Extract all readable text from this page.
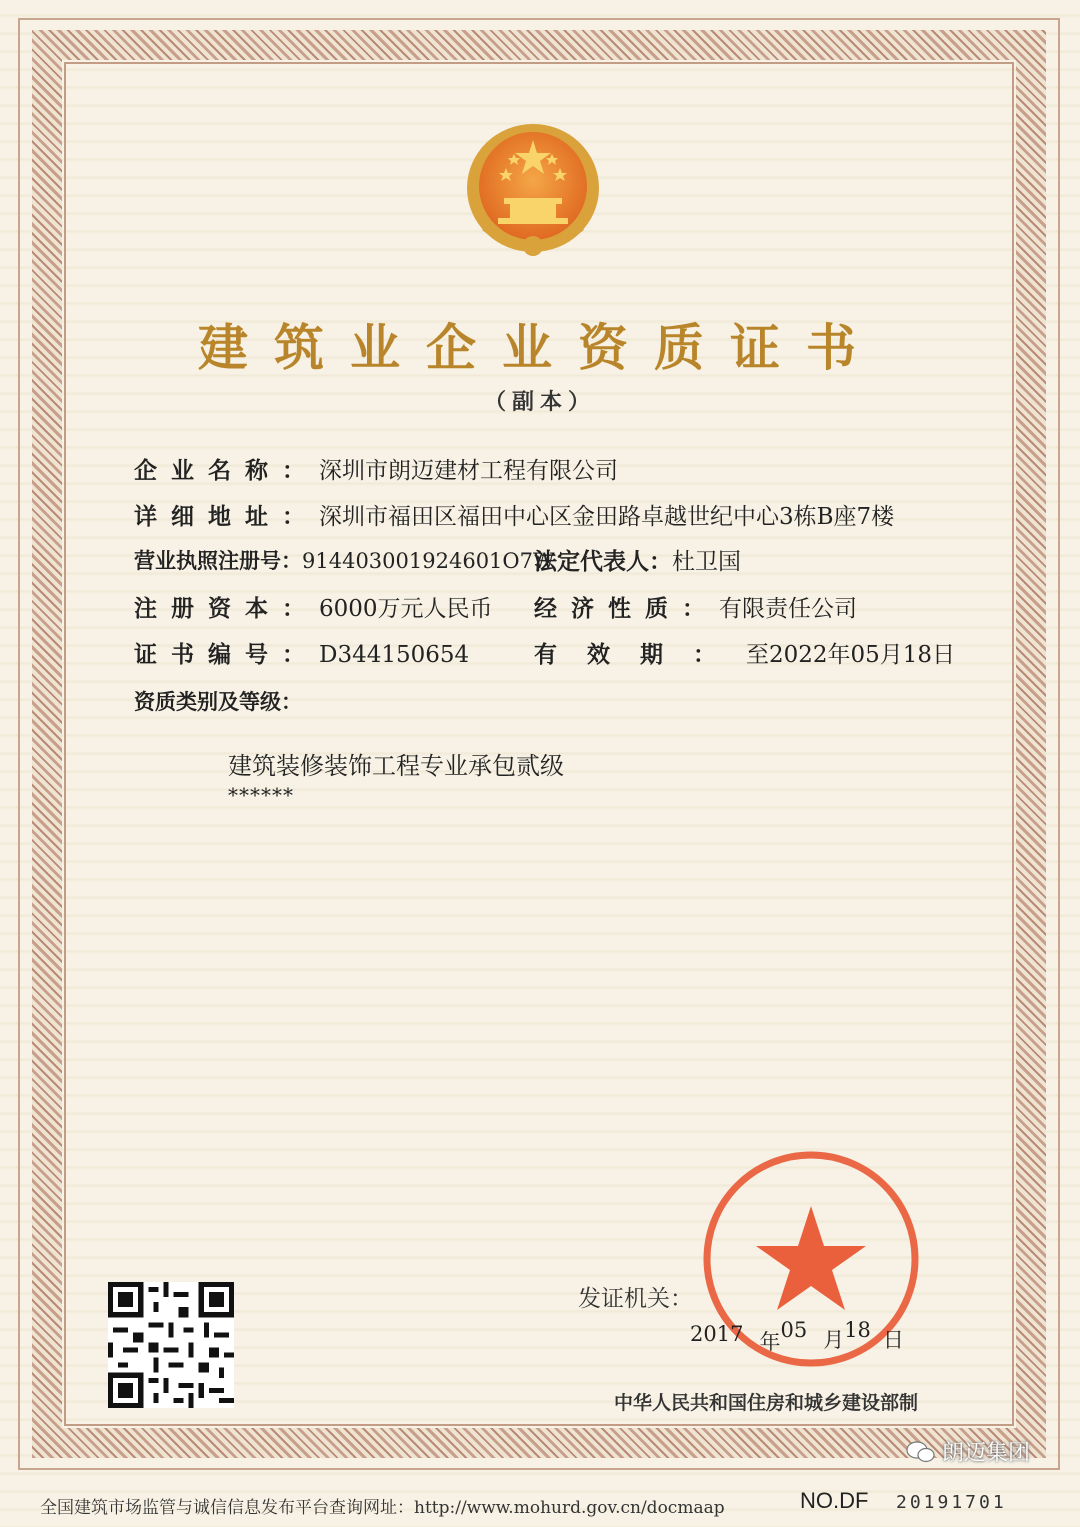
建筑业企业资质证书
（副本）
企业名称：深圳市朗迈建材工程有限公司
详细地址：深圳市福田区福田中心区金田路卓越世纪中心3栋B座7楼
营业执照注册号：914403001924601O7W
法定代表人：杜卫国
注册资本：6000万元人民币 经济性质：有限责任公司
证书编号：D344150654	有效期：至2022年05月18日
资质类别及等级：
建筑装修装饰工程专业承包贰级
******
发证机关：
2017 年05 月18 日
中华人民共和国住房和城乡建设部制
朗迈集团
全国建筑市场监管与诚信信息发布平台查询网址：http://www.mohurd.gov.cn/docmaap	NO.DF 20191701
